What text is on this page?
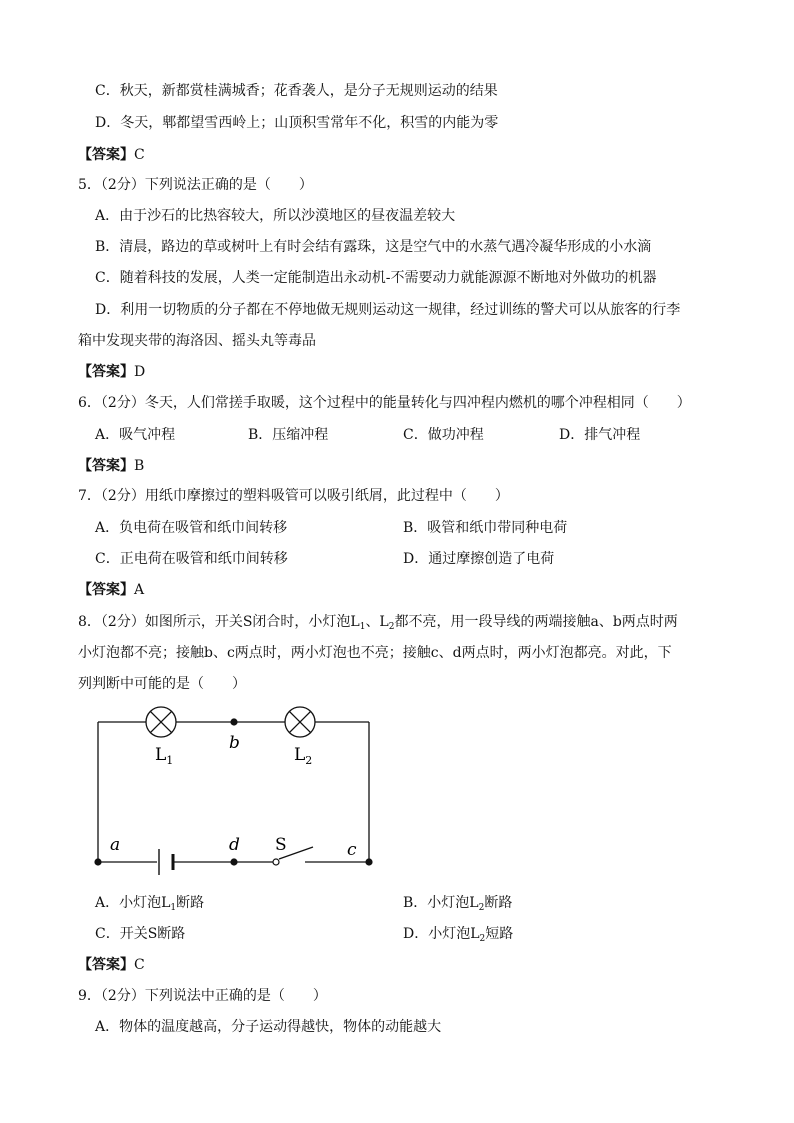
C．秋天，新都赏桂满城香；花香袭人，是分子无规则运动的结果
D．冬天，郫都望雪西岭上；山顶积雪常年不化，积雪的内能为零
【答案】C
5．（2分）下列说法正确的是（　　）
A．由于沙石的比热容较大，所以沙漠地区的昼夜温差较大
B．清晨，路边的草或树叶上有时会结有露珠，这是空气中的水蒸气遇冷凝华形成的小水滴
C．随着科技的发展，人类一定能制造出永动机-不需要动力就能源源不断地对外做功的机器
D．利用一切物质的分子都在不停地做无规则运动这一规律，经过训练的警犬可以从旅客的行李
箱中发现夹带的海洛因、摇头丸等毒品
【答案】D
6．（2分）冬天，人们常搓手取暖，这个过程中的能量转化与四冲程内燃机的哪个冲程相同（　　）
A．吸气冲程	B．压缩冲程	C．做功冲程	D．排气冲程
【答案】B
7．（2分）用纸巾摩擦过的塑料吸管可以吸引纸屑，此过程中（　　）
A．负电荷在吸管和纸巾间转移	B．吸管和纸巾带同种电荷
C．正电荷在吸管和纸巾间转移	D．通过摩擦创造了电荷
【答案】A
8．（2分）如图所示，开关S闭合时，小灯泡$L_1$、$L_2$都不亮，用一段导线的两端接触a、b两点时两
小灯泡都不亮；接触b、c两点时，两小灯泡也不亮；接触c、d两点时，两小灯泡都亮。对此，下
列判断中可能的是（　　）
$L_1$	$L_2$
b
a	d S	c
A．小灯泡$L_1$断路	B．小灯泡$L_2$断路
C．开关S断路	D．小灯泡$L_2$短路
【答案】C
9．（2分）下列说法中正确的是（　　）
A．物体的温度越高，分子运动得越快，物体的动能越大
